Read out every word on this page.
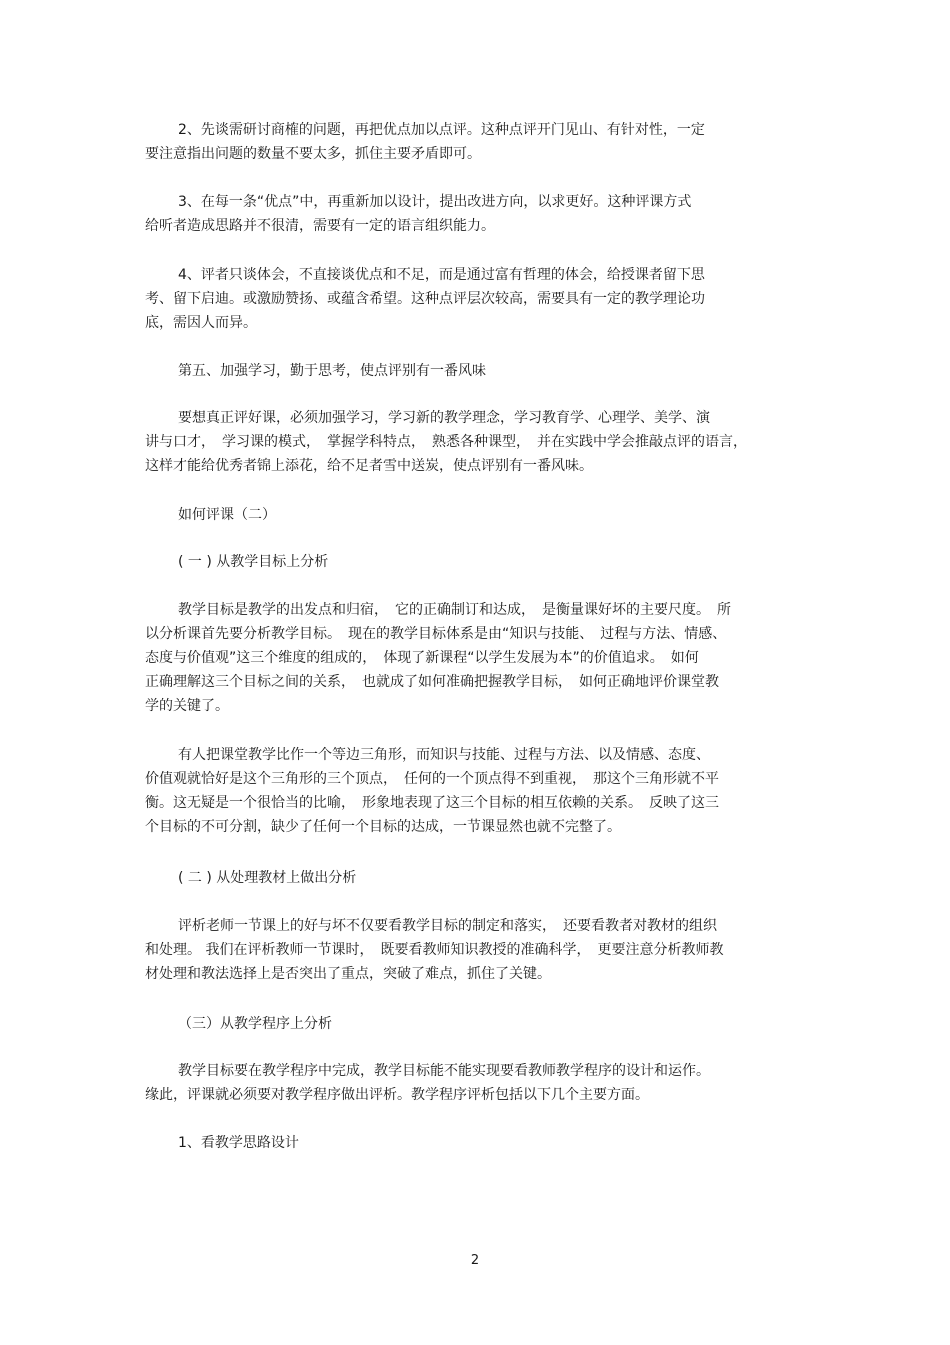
2、先谈需研讨商榷的问题，再把优点加以点评。这种点评开门见山、有针对性，一定
要注意指出问题的数量不要太多，抓住主要矛盾即可。
3、在每一条“优点”中，再重新加以设计，提出改进方向，以求更好。这种评课方式
给听者造成思路并不很清，需要有一定的语言组织能力。
4、评者只谈体会，不直接谈优点和不足，而是通过富有哲理的体会，给授课者留下思
考、留下启迪。或激励赞扬、或蕴含希望。这种点评层次较高，需要具有一定的教学理论功
底，需因人而异。
第五、加强学习，勤于思考，使点评别有一番风味
要想真正评好课，必须加强学习，学习新的教学理念，学习教育学、心理学、美学、演
讲与口才，　学习课的模式，　掌握学科特点，　熟悉各种课型，　并在实践中学会推敲点评的语言，
这样才能给优秀者锦上添花，给不足者雪中送炭，使点评别有一番风味。
如何评课（二）
( 一 ) 从教学目标上分析
教学目标是教学的出发点和归宿，　它的正确制订和达成，　是衡量课好坏的主要尺度。　所
以分析课首先要分析教学目标。　现在的教学目标体系是由“知识与技能、　过程与方法、情感、
态度与价值观”这三个维度的组成的，　体现了新课程“以学生发展为本”的价值追求。　如何
正确理解这三个目标之间的关系，　也就成了如何准确把握教学目标，　如何正确地评价课堂教
学的关键了。
有人把课堂教学比作一个等边三角形，而知识与技能、过程与方法、以及情感、态度、
价值观就恰好是这个三角形的三个顶点，　任何的一个顶点得不到重视，　那这个三角形就不平
衡。这无疑是一个很恰当的比喻，　形象地表现了这三个目标的相互依赖的关系。　反映了这三
个目标的不可分割，缺少了任何一个目标的达成，一节课显然也就不完整了。
( 二 ) 从处理教材上做出分析
评析老师一节课上的好与坏不仅要看教学目标的制定和落实，　还要看教者对教材的组织
和处理。 我们在评析教师一节课时，　既要看教师知识教授的准确科学，　更要注意分析教师教
材处理和教法选择上是否突出了重点，突破了难点，抓住了关键。
（三）从教学程序上分析
教学目标要在教学程序中完成，教学目标能不能实现要看教师教学程序的设计和运作。
缘此，评课就必须要对教学程序做出评析。教学程序评析包括以下几个主要方面。
1、看教学思路设计
2
